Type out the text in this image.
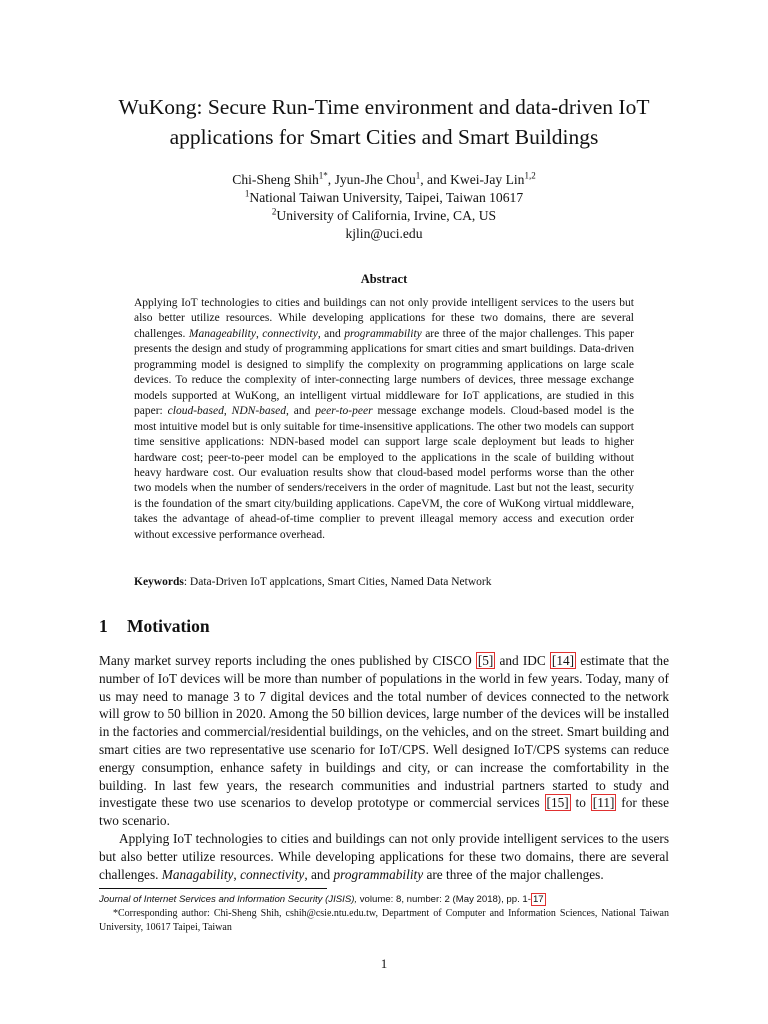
WuKong: Secure Run-Time environment and data-driven IoT
applications for Smart Cities and Smart Buildings
Chi-Sheng Shih$^{1*}$, Jyun-Jhe Chou$^1$, and Kwei-Jay Lin$^{1,2}$
$^1$National Taiwan University, Taipei, Taiwan 10617
$^2$University of California, Irvine, CA, US
kjlin@uci.edu
Abstract
Applying IoT technologies to cities and buildings can not only provide intelligent services to the users but also better utilize resources. While developing applications for these two domains, there are several challenges. Manageability, connectivity, and programmability are three of the major challenges. This paper presents the design and study of programming applications for smart cities and smart buildings. Data-driven programming model is designed to simplify the complexity on programming applications on large scale devices. To reduce the complexity of inter-connecting large numbers of devices, three message exchange models supported at WuKong, an intelligent virtual middleware for IoT applications, are studied in this paper: cloud-based, NDN-based, and peer-to-peer message exchange models. Cloud-based model is the most intuitive model but is only suitable for time-insensitive applications. The other two models can support time sensitive applications: NDN-based model can support large scale deployment but leads to higher hardware cost; peer-to-peer model can be employed to the applications in the scale of building without heavy hardware cost. Our evaluation results show that cloud-based model performs worse than the other two models when the number of senders/receivers in the order of magnitude. Last but not the least, security is the foundation of the smart city/building applications. CapeVM, the core of WuKong virtual middleware, takes the advantage of ahead-of-time complier to prevent illeagal memory access and execution order without excessive performance overhead.
Keywords: Data-Driven IoT applcations, Smart Cities, Named Data Network
1 Motivation

Many market survey reports including the ones published by CISCO [5] and IDC [14] estimate that the number of IoT devices will be more than number of populations in the world in few years. Today, many of us may need to manage 3 to 7 digital devices and the total number of devices connected to the network will grow to 50 billion in 2020. Among the 50 billion devices, large number of the devices will be installed in the factories and commercial/residential buildings, on the vehicles, and on the street. Smart building and smart cities are two representative use scenario for IoT/CPS. Well designed IoT/CPS systems can reduce energy consumption, enhance safety in buildings and city, or can increase the comfortability in the building. In last few years, the research communities and industrial partners started to study and investigate these two use scenarios to develop prototype or commercial services [15] to [11] for these two scenario.

Applying IoT technologies to cities and buildings can not only provide intelligent services to the users but also better utilize resources. While developing applications for these two domains, there are several challenges. Managability, connectivity, and programmability are three of the major challenges.

Journal of Internet Services and Information Security (JISIS), volume: 8, number: 2 (May 2018), pp. 1- 17

*Corresponding author: Chi-Sheng Shih, cshih@csie.ntu.edu.tw, Department of Computer and Information Sciences, National Taiwan University, 10617 Taipei, Taiwan

1
